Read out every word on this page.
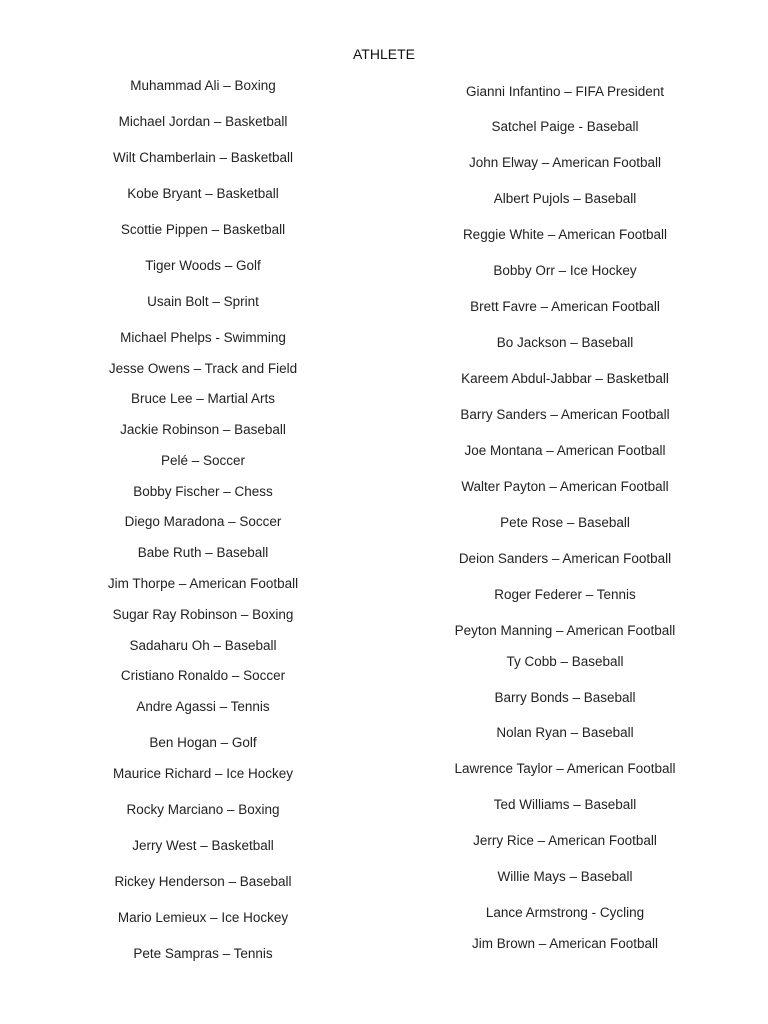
ATHLETE
Muhammad Ali – Boxing
Michael Jordan – Basketball
Wilt Chamberlain – Basketball
Kobe Bryant – Basketball
Scottie Pippen – Basketball
Tiger Woods – Golf
Usain Bolt – Sprint
Michael Phelps - Swimming
Jesse Owens – Track and Field
Bruce Lee – Martial Arts
Jackie Robinson – Baseball
Pelé – Soccer
Bobby Fischer – Chess
Diego Maradona – Soccer
Babe Ruth – Baseball
Jim Thorpe – American Football
Sugar Ray Robinson – Boxing
Sadaharu Oh – Baseball
Cristiano Ronaldo – Soccer
Andre Agassi – Tennis
Ben Hogan – Golf
Maurice Richard – Ice Hockey
Rocky Marciano – Boxing
Jerry West – Basketball
Rickey Henderson – Baseball
Mario Lemieux – Ice Hockey
Pete Sampras – Tennis
Gianni Infantino – FIFA President
Satchel Paige - Baseball
John Elway – American Football
Albert Pujols – Baseball
Reggie White – American Football
Bobby Orr – Ice Hockey
Brett Favre – American Football
Bo Jackson – Baseball
Kareem Abdul-Jabbar – Basketball
Barry Sanders – American Football
Joe Montana – American Football
Walter Payton – American Football
Pete Rose – Baseball
Deion Sanders – American Football
Roger Federer – Tennis
Peyton Manning – American Football
Ty Cobb – Baseball
Barry Bonds – Baseball
Nolan Ryan – Baseball
Lawrence Taylor – American Football
Ted Williams – Baseball
Jerry Rice – American Football
Willie Mays – Baseball
Lance Armstrong - Cycling
Jim Brown – American Football
